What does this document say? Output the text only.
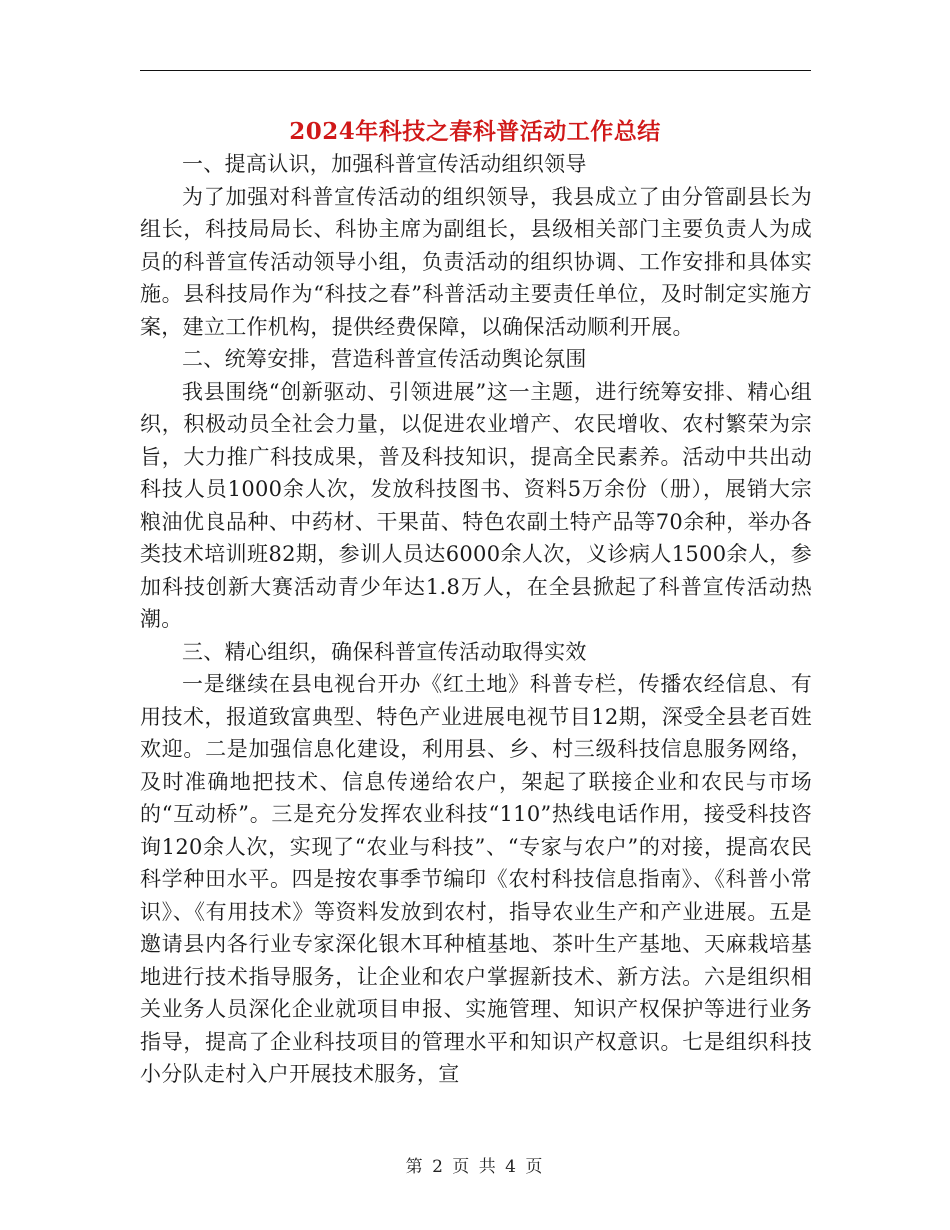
2024年科技之春科普活动工作总结

一、提高认识，加强科普宣传活动组织领导

为了加强对科普宣传活动的组织领导，我县成立了由分管副县长为组长，科技局局长、科协主席为副组长，县级相关部门主要负责人为成员的科普宣传活动领导小组，负责活动的组织协调、工作安排和具体实施。县科技局作为“科技之春”科普活动主要责任单位，及时制定实施方案，建立工作机构，提供经费保障，以确保活动顺利开展。

二、统筹安排，营造科普宣传活动舆论氛围

我县围绕“创新驱动、引领进展”这一主题，进行统筹安排、精心组织，积极动员全社会力量，以促进农业增产、农民增收、农村繁荣为宗旨，大力推广科技成果，普及科技知识，提高全民素养。活动中共出动科技人员1000余人次，发放科技图书、资料5万余份（册），展销大宗粮油优良品种、中药材、干果苗、特色农副土特产品等70余种，举办各类技术培训班82期，参训人员达6000余人次，义诊病人1500余人，参加科技创新大赛活动青少年达1.8万人，在全县掀起了科普宣传活动热潮。

三、精心组织，确保科普宣传活动取得实效

一是继续在县电视台开办《红土地》科普专栏，传播农经信息、有用技术，报道致富典型、特色产业进展电视节目12期，深受全县老百姓欢迎。二是加强信息化建设，利用县、乡、村三级科技信息服务网络，及时准确地把技术、信息传递给农户，架起了联接企业和农民与市场的“互动桥”。三是充分发挥农业科技“110”热线电话作用，接受科技咨询120余人次，实现了“农业与科技”、“专家与农户”的对接，提高农民科学种田水平。四是按农事季节编印《农村科技信息指南》、《科普小常识》、《有用技术》等资料发放到农村，指导农业生产和产业进展。五是邀请县内各行业专家深化银木耳种植基地、茶叶生产基地、天麻栽培基地进行技术指导服务，让企业和农户掌握新技术、新方法。六是组织相关业务人员深化企业就项目申报、实施管理、知识产权保护等进行业务指导，提高了企业科技项目的管理水平和知识产权意识。七是组织科技小分队走村入户开展技术服务，宣

第 2 页 共 4 页
